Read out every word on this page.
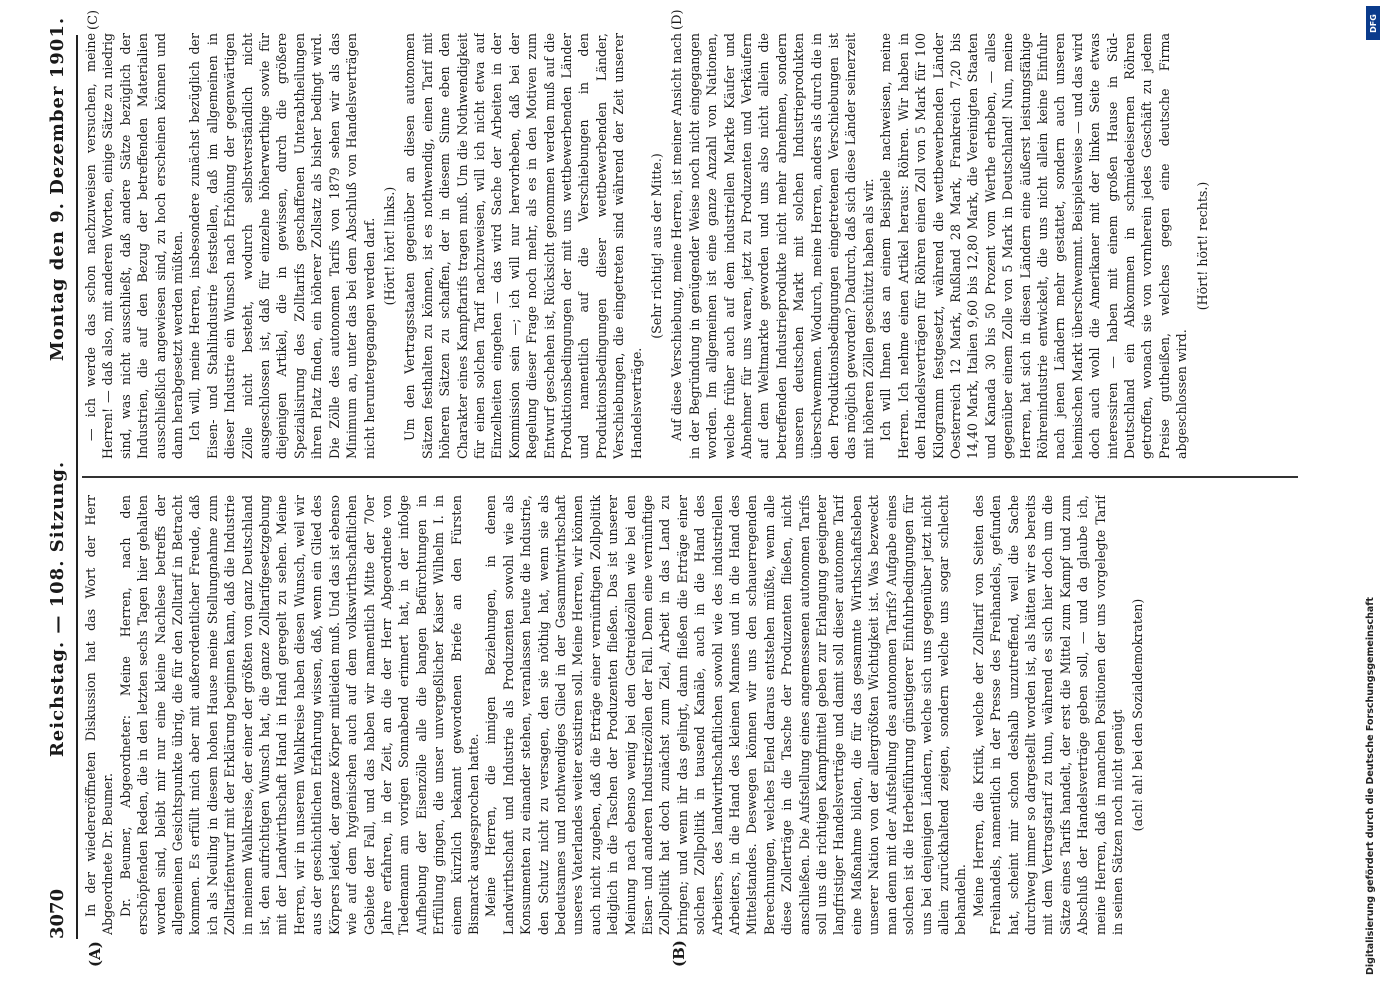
3070
Reichstag. — 108. Sitzung.
Montag den 9. Dezember 1901.
(A)	(B)
(C)	(D)

In der wiedereröffneten Diskussion hat das Wort der Herr Abgeordnete Dr. Beumer. Dr. Beumer, Abgeordneter: Meine Herren, nach den erschöpfenden Reden, die in den letzten sechs Tagen hier gehalten worden sind, bleibt mir nur eine kleine Nachlese betreffs der allgemeinen Gesichtspunkte übrig, die für den Zolltarif in Betracht kommen. Es erfüllt mich aber mit außerordentlicher Freude, daß ich als Neuling in diesem hohen Hause meine Stellungnahme zum Zolltarifentwurf mit der Erklärung beginnen kann, daß die Industrie in meinem Wahlkreise, der einer der größten von ganz Deutschland ist, den aufrichtigen Wunsch hat, die ganze Zolltarifgesetzgebung mit der Landwirthschaft Hand in Hand geregelt zu sehen. Meine Herren, wir in unserem Wahlkreise haben diesen Wunsch, weil wir aus der geschichtlichen Erfahrung wissen, daß, wenn ein Glied des Körpers leidet, der ganze Körper mitleiden muß. Und das ist ebenso wie auf dem hygienischen auch auf dem volkswirthschaftlichen Gebiete der Fall, und das haben wir namentlich Mitte der 70er Jahre erfahren, in der Zeit, an die der Herr Abgeordnete von Tiedemann am vorigen Sonnabend erinnert hat, in der infolge Aufhebung der Eisenzölle alle die bangen Befürchtungen in Erfüllung gingen, die unser unvergeßlicher Kaiser Wilhelm I. in einem kürzlich bekannt gewordenen Briefe an den Fürsten Bismarck ausgesprochen hatte. Meine Herren, die innigen Beziehungen, in denen Landwirthschaft und Industrie als Produzenten sowohl wie als Konsumenten zu einander stehen, veranlassen heute die Industrie, den Schutz nicht zu versagen, den sie nöthig hat, wenn sie als bedeutsames und nothwendiges Glied in der Gesammtwirthschaft unseres Vaterlandes weiter existiren soll. Meine Herren, wir können auch nicht zugeben, daß die Erträge einer vernünftigen Zollpolitik lediglich in die Taschen der Produzenten fließen. Das ist unserer Meinung nach ebenso wenig bei den Getreidezöllen wie bei den Eisen- und anderen Industriezöllen der Fall. Denn eine vernünftige Zollpolitik hat doch zunächst zum Ziel, Arbeit in das Land zu bringen; und wenn ihr das gelingt, dann fließen die Erträge einer solchen Zollpolitik in tausend Kanäle, auch in die Hand des Arbeiters, des landwirthschaftlichen sowohl wie des industriellen Arbeiters, in die Hand des kleinen Mannes und in die Hand des Mittelstandes. Deswegen können wir uns den schauerregenden Berechnungen, welches Elend daraus entstehen müßte, wenn alle diese Zollerträge in die Tasche der Produzenten fließen, nicht anschließen. Die Aufstellung eines angemessenen autonomen Tarifs soll uns die richtigen Kampfmittel geben zur Erlangung geeigneter langfristiger Handelsverträge und damit soll dieser autonome Tarif eine Maßnahme bilden, die für das gesammte Wirthschaftsleben unserer Nation von der allergrößten Wichtigkeit ist. Was bezweckt man denn mit der Aufstellung des autonomen Tarifs? Aufgabe eines solchen ist die Herbeiführung günstigerer Einfuhrbedingungen für uns bei denjenigen Ländern, welche sich uns gegenüber jetzt nicht allein zurückhaltend zeigen, sondern welche uns sogar schlecht behandeln. Meine Herren, die Kritik, welche der Zolltarif von Seiten des Freihandels, namentlich in der Presse des Freihandels, gefunden hat, scheint mir schon deshalb unzutreffend, weil die Sache durchweg immer so dargestellt worden ist, als hätten wir es bereits mit dem Vertragstarif zu thun, während es sich hier doch um die Sätze eines Tarifs handelt, der erst die Mittel zum Kampf und zum Abschluß der Handelsverträge geben soll, — und da glaube ich, meine Herren, daß in manchen Positionen der uns vorgelegte Tarif in seinen Sätzen noch nicht genügt (ach! ah! bei den Sozialdemokraten)

— ich werde das schon nachzuweisen versuchen, meine Herren! — daß also, mit anderen Worten, einige Sätze zu niedrig sind, was nicht ausschließt, daß andere Sätze bezüglich der Industrien, die auf den Bezug der betreffenden Materialien ausschließlich angewiesen sind, zu hoch erscheinen können und dann herabgesetzt werden müßten. Ich will, meine Herren, insbesondere zunächst bezüglich der Eisen- und Stahlindustrie feststellen, daß im allgemeinen in dieser Industrie ein Wunsch nach Erhöhung der gegenwärtigen Zölle nicht besteht, wodurch selbstverständlich nicht ausgeschlossen ist, daß für einzelne höherwerthige sowie für diejenigen Artikel, die in gewissen, durch die größere Spezialisirung des Zolltarifs geschaffenen Unterabtheilungen ihren Platz finden, ein höherer Zollsatz als bisher bedingt wird. Die Zölle des autonomen Tarifs von 1879 sehen wir als das Minimum an, unter das bei dem Abschluß von Handelsverträgen nicht heruntergegangen werden darf. (Hört! hört! links.) Um den Vertragsstaaten gegenüber an diesen autonomen Sätzen festhalten zu können, ist es nothwendig, einen Tarif mit höheren Sätzen zu schaffen, der in diesem Sinne eben den Charakter eines Kampftarifs tragen muß. Um die Nothwendigkeit für einen solchen Tarif nachzuweisen, will ich nicht etwa auf Einzelheiten eingehen — das wird Sache der Arbeiten in der Kommission sein —; ich will nur hervorheben, daß bei der Regelung dieser Frage noch mehr, als es in den Motiven zum Entwurf geschehen ist, Rücksicht genommen werden muß auf die Produktionsbedingungen der mit uns wettbewerbenden Länder und namentlich auf die Verschiebungen in den Produktionsbedingungen dieser wettbewerbenden Länder, Verschiebungen, die eingetreten sind während der Zeit unserer Handelsverträge.

(Sehr richtig! aus der Mitte.) Auf diese Verschiebung, meine Herren, ist meiner Ansicht nach in der Begründung in genügender Weise noch nicht eingegangen worden. Im allgemeinen ist eine ganze Anzahl von Nationen, welche früher auch auf dem industriellen Markte Käufer und Abnehmer für uns waren, jetzt zu Produzenten und Verkäufern auf dem Weltmarkte geworden und uns also nicht allein die betreffenden Industrieprodukte nicht mehr abnehmen, sondern unseren deutschen Markt mit solchen Industrieprodukten überschwemmen. Wodurch, meine Herren, anders als durch die in den Produktionsbedingungen eingetretenen Verschiebungen ist das möglich geworden? Dadurch, daß sich diese Länder seinerzeit mit höheren Zöllen geschützt haben als wir. Ich will Ihnen das an einem Beispiele nachweisen, meine Herren. Ich nehme einen Artikel heraus: Röhren. Wir haben in den Handelsverträgen für Röhren einen Zoll von 5 Mark für 100 Kilogramm festgesetzt, während die wettbewerbenden Länder Oesterreich 12 Mark, Rußland 28 Mark, Frankreich 7,20 bis 14,40 Mark, Italien 9,60 bis 12,80 Mark, die Vereinigten Staaten und Kanada 30 bis 50 Prozent vom Werthe erheben, — alles gegenüber einem Zolle von 5 Mark in Deutschland! Nun, meine Herren, hat sich in diesen Ländern eine äußerst leistungsfähige Röhrenindustrie entwickelt, die uns nicht allein keine Einfuhr nach jenen Ländern mehr gestattet, sondern auch unseren heimischen Markt überschwemmt. Beispielsweise — und das wird doch auch wohl die Amerikaner mit der linken Seite etwas interessiren — haben mit einem großen Hause in Süd-Deutschland ein Abkommen in schmiedeeisernen Röhren getroffen, wonach sie von vornherein jedes Geschäft zu jedem Preise gutheißen, welches gegen eine deutsche Firma abgeschlossen wird.

(Hört! hört! rechts.)

Digitalisierung gefördert durch die Deutsche Forschungsgemeinschaft
DFG
